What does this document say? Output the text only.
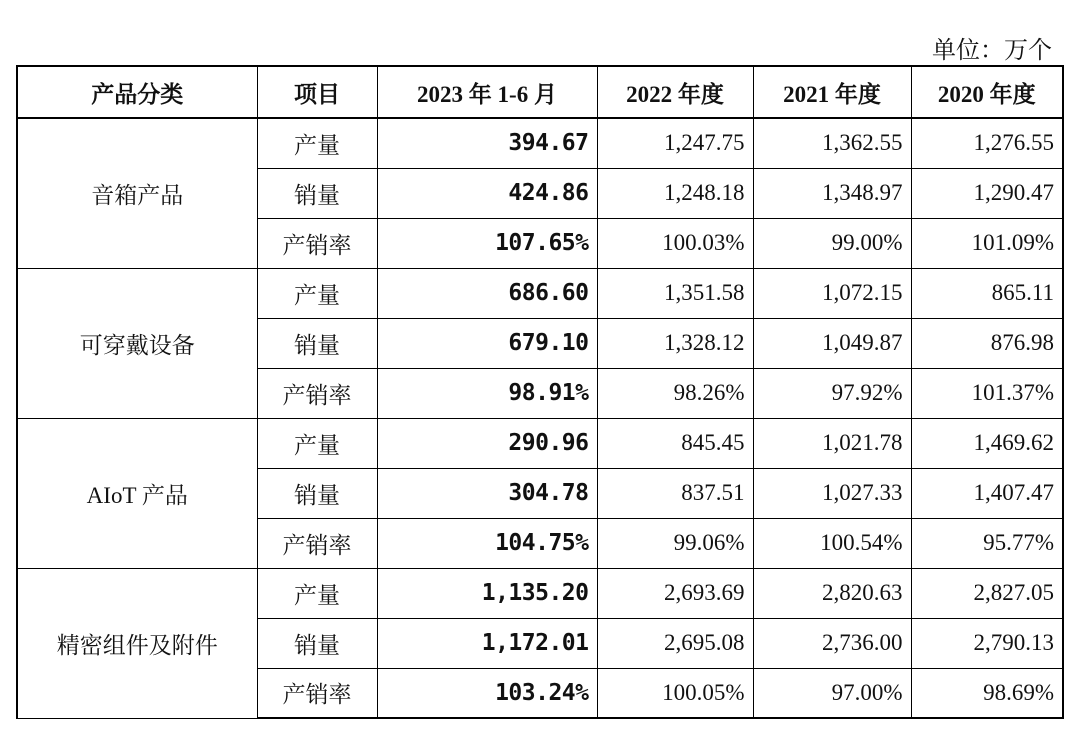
单位：万个
产品分类	项目	2023 年 1-6 月	2022 年度	2021 年度	2020 年度
音箱产品	产量	394.67	1,247.75	1,362.55	1,276.55
	销量	424.86	1,248.18	1,348.97	1,290.47
	产销率	107.65%	100.03%	99.00%	101.09%
可穿戴设备	产量	686.60	1,351.58	1,072.15	865.11
	销量	679.10	1,328.12	1,049.87	876.98
	产销率	98.91%	98.26%	97.92%	101.37%
AIoT 产品	产量	290.96	845.45	1,021.78	1,469.62
	销量	304.78	837.51	1,027.33	1,407.47
	产销率	104.75%	99.06%	100.54%	95.77%
精密组件及附件	产量	1,135.20	2,693.69	2,820.63	2,827.05
	销量	1,172.01	2,695.08	2,736.00	2,790.13
	产销率	103.24%	100.05%	97.00%	98.69%
